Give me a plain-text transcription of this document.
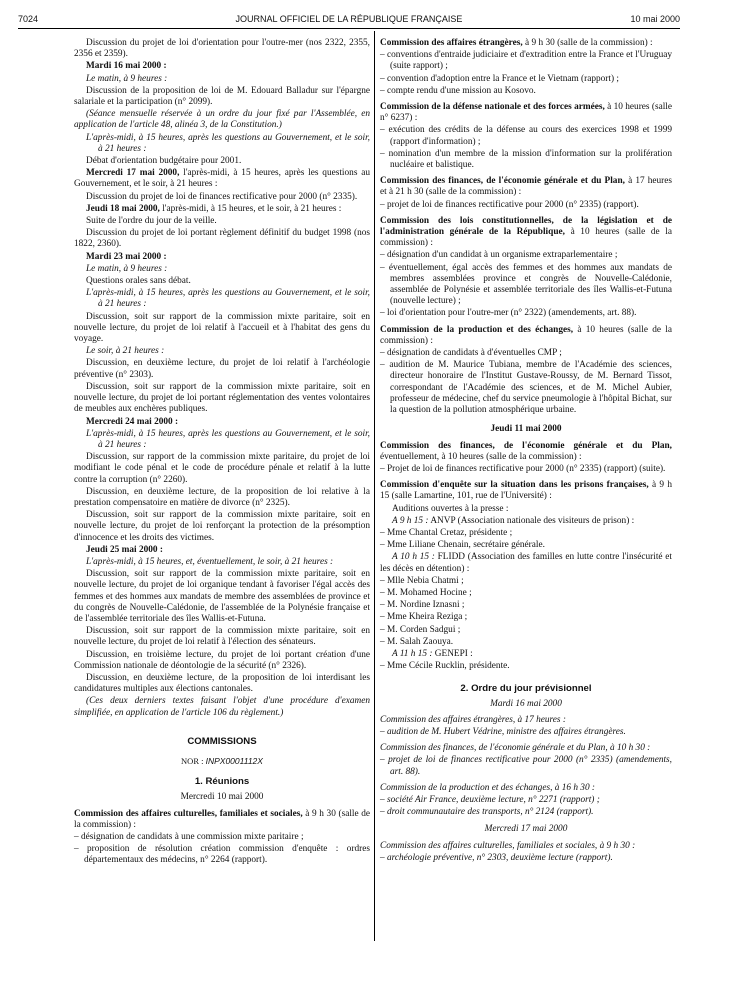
7024	JOURNAL OFFICIEL DE LA RÉPUBLIQUE FRANÇAISE	10 mai 2000

Discussion du projet de loi d'orientation pour l'outre-mer (nos 2322, 2355, 2356 et 2359).

Mardi 16 mai 2000 :

Le matin, à 9 heures :

Discussion de la proposition de loi de M. Edouard Balladur sur l'épargne salariale et la participation (n° 2099).

(Séance mensuelle réservée à un ordre du jour fixé par l'Assemblée, en application de l'article 48, alinéa 3, de la Constitution.)

L'après-midi, à 15 heures, après les questions au Gouvernement, et le soir, à 21 heures :

Débat d'orientation budgétaire pour 2001.

Mercredi 17 mai 2000, l'après-midi, à 15 heures, après les questions au Gouvernement, et le soir, à 21 heures :

Discussion du projet de loi de finances rectificative pour 2000 (n° 2335).

Jeudi 18 mai 2000, l'après-midi, à 15 heures, et le soir, à 21 heures :

Suite de l'ordre du jour de la veille.

Discussion du projet de loi portant règlement définitif du budget 1998 (nos 1822, 2360).

Mardi 23 mai 2000 :

Le matin, à 9 heures :

Questions orales sans débat.

L'après-midi, à 15 heures, après les questions au Gouvernement, et le soir, à 21 heures :

Discussion, soit sur rapport de la commission mixte paritaire, soit en nouvelle lecture, du projet de loi relatif à l'accueil et à l'habitat des gens du voyage.

Le soir, à 21 heures :

Discussion, en deuxième lecture, du projet de loi relatif à l'archéologie préventive (n° 2303).

Discussion, soit sur rapport de la commission mixte paritaire, soit en nouvelle lecture, du projet de loi portant réglementation des ventes volontaires de meubles aux enchères publiques.

Mercredi 24 mai 2000 :

L'après-midi, à 15 heures, après les questions au Gouvernement, et le soir, à 21 heures :

Discussion, sur rapport de la commission mixte paritaire, du projet de loi modifiant le code pénal et le code de procédure pénale et relatif à la lutte contre la corruption (n° 2260).

Discussion, en deuxième lecture, de la proposition de loi relative à la prestation compensatoire en matière de divorce (n° 2325).

Discussion, soit sur rapport de la commission mixte paritaire, soit en nouvelle lecture, du projet de loi renforçant la protection de la présomption d'innocence et les droits des victimes.

Jeudi 25 mai 2000 :

L'après-midi, à 15 heures, et, éventuellement, le soir, à 21 heures :

Discussion, soit sur rapport de la commission mixte paritaire, soit en nouvelle lecture, du projet de loi organique tendant à favoriser l'égal accès des femmes et des hommes aux mandats de membre des assemblées de province et du congrès de Nouvelle-Calédonie, de l'assemblée de la Polynésie française et de l'assemblée territoriale des îles Wallis-et-Futuna.

Discussion, soit sur rapport de la commission mixte paritaire, soit en nouvelle lecture, du projet de loi relatif à l'élection des sénateurs.

Discussion, en troisième lecture, du projet de loi portant création d'une Commission nationale de déontologie de la sécurité (n° 2326).

Discussion, en deuxième lecture, de la proposition de loi interdisant les candidatures multiples aux élections cantonales.

(Ces deux derniers textes faisant l'objet d'une procédure d'examen simplifiée, en application de l'article 106 du règlement.)

COMMISSIONS

NOR : INPX0001112X

1. Réunions

Mercredi 10 mai 2000

Commission des affaires culturelles, familiales et sociales, à 9 h 30 (salle de la commission) :

– désignation de candidats à une commission mixte paritaire ;

– proposition de résolution création commission d'enquête : ordres départementaux des médecins, n° 2264 (rapport).

Commission des affaires étrangères, à 9 h 30 (salle de la commission) :

– conventions d'entraide judiciaire et d'extradition entre la France et l'Uruguay (suite rapport) ;

– convention d'adoption entre la France et le Vietnam (rapport) ;

– compte rendu d'une mission au Kosovo.

Commission de la défense nationale et des forces armées, à 10 heures (salle n° 6237) :

– exécution des crédits de la défense au cours des exercices 1998 et 1999 (rapport d'information) ;

– nomination d'un membre de la mission d'information sur la prolifération nucléaire et balistique.

Commission des finances, de l'économie générale et du Plan, à 17 heures et à 21 h 30 (salle de la commission) :

– projet de loi de finances rectificative pour 2000 (n° 2335) (rapport).

Commission des lois constitutionnelles, de la législation et de l'administration générale de la République, à 10 heures (salle de la commission) :

– désignation d'un candidat à un organisme extraparlementaire ;

– éventuellement, égal accès des femmes et des hommes aux mandats de membres assemblées province et congrès de Nouvelle-Calédonie, assemblée de Polynésie et assemblée territoriale des îles Wallis-et-Futuna (nouvelle lecture) ;

– loi d'orientation pour l'outre-mer (n° 2322) (amendements, art. 88).

Commission de la production et des échanges, à 10 heures (salle de la commission) :

– désignation de candidats à d'éventuelles CMP ;

– audition de M. Maurice Tubiana, membre de l'Académie des sciences, directeur honoraire de l'Institut Gustave-Roussy, de M. Bernard Tissot, correspondant de l'Académie des sciences, et de M. Michel Aubier, professeur de médecine, chef du service pneumologie à l'hôpital Bichat, sur la question de la pollution atmosphérique urbaine.

Jeudi 11 mai 2000

Commission des finances, de l'économie générale et du Plan, éventuellement, à 10 heures (salle de la commission) :

– Projet de loi de finances rectificative pour 2000 (n° 2335) (rapport) (suite).

Commission d'enquête sur la situation dans les prisons françaises, à 9 h 15 (salle Lamartine, 101, rue de l'Université) :

Auditions ouvertes à la presse :

A 9 h 15 : ANVP (Association nationale des visiteurs de prison) :

– Mme Chantal Cretaz, présidente ;

– Mme Liliane Chenain, secrétaire générale.

A 10 h 15 : FLIDD (Association des familles en lutte contre l'insécurité et les décès en détention) :

– Mlle Nebia Chatmi ;

– M. Mohamed Hocine ;

– M. Nordine Iznasni ;

– Mme Kheira Reziga ;

– M. Corden Sadgui ;

– M. Salah Zaouya.

A 11 h 15 : GENEPI :

– Mme Cécile Rucklin, présidente.

2. Ordre du jour prévisionnel

Mardi 16 mai 2000

Commission des affaires étrangères, à 17 heures :

– audition de M. Hubert Védrine, ministre des affaires étrangères.

Commission des finances, de l'économie générale et du Plan, à 10 h 30 :

– projet de loi de finances rectificative pour 2000 (n° 2335) (amendements, art. 88).

Commission de la production et des échanges, à 16 h 30 :

– société Air France, deuxième lecture, n° 2271 (rapport) ;

– droit communautaire des transports, n° 2124 (rapport).

Mercredi 17 mai 2000

Commission des affaires culturelles, familiales et sociales, à 9 h 30 :

– archéologie préventive, n° 2303, deuxième lecture (rapport).
